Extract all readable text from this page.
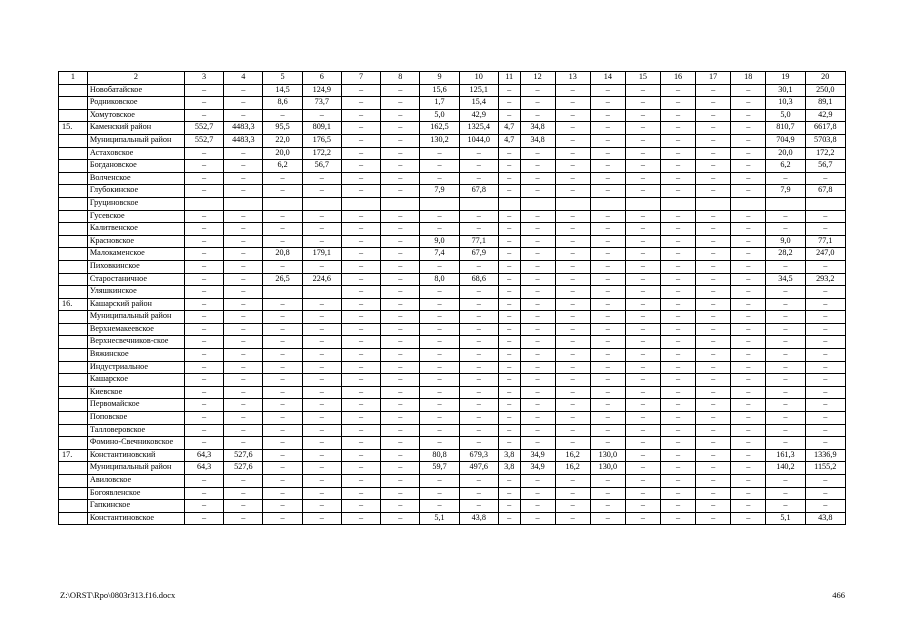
1	2	3	4	5	6	7	8	9	10	11	12	13	14	15	16	17	18	19	20
	Новобатайское	–	–	14,5	124,9	–	–	15,6	125,1	–	–	–	–	–	–	–	–	30,1	250,0
	Родниковское	–	–	8,6	73,7	–	–	1,7	15,4	–	–	–	–	–	–	–	–	10,3	89,1
	Хомутовское	–	–	–	–	–	–	5,0	42,9	–	–	–	–	–	–	–	–	5,0	42,9
15.	Каменский район	552,7	4483,3	95,5	809,1	–	–	162,5	1325,4	4,7	34,8	–	–	–	–	–	–	810,7	6617,8
	Муниципальный район	552,7	4483,3	22,0	176,5	–	–	130,2	1044,0	4,7	34,8	–	–	–	–	–	–	704,9	5703,8
	Астаховское	–	–	20,0	172,2	–	–	–	–	–	–	–	–	–	–	–	–	20,0	172,2
	Богдановское	–	–	6,2	56,7	–	–	–	–	–	–	–	–	–	–	–	–	6,2	56,7
	Волченское	–	–	–	–	–	–	–	–	–	–	–	–	–	–	–	–	–	–
	Глубокинское	–	–	–	–	–	–	7,9	67,8	–	–	–	–	–	–	–	–	7,9	67,8
	Груциновское																		
	Гусевское	–	–	–	–	–	–	–	–	–	–	–	–	–	–	–	–	–	–
	Калитвенское	–	–	–	–	–	–	–	–	–	–	–	–	–	–	–	–	–	–
	Красновское	–	–	–	–	–	–	9,0	77,1	–	–	–	–	–	–	–	–	9,0	77,1
	Малокаменское	–	–	20,8	179,1	–	–	7,4	67,9	–	–	–	–	–	–	–	–	28,2	247,0
	Пиховкинское	–	–	–	–	–	–	–	–	–	–	–	–	–	–	–	–	–	–
	Старостаничное	–	–	26,5	224,6	–	–	8,0	68,6	–	–	–	–	–	–	–	–	34,5	293,2
	Уляшкинское	–	–			–	–	–	–	–	–	–	–	–	–	–	–	–	–
16.	Кашарский район	–	–	–	–	–	–	–	–	–	–	–	–	–	–	–	–	–	–
	Муниципальный район	–	–	–	–	–	–	–	–	–	–	–	–	–	–	–	–	–	–
	Верхнемакеевское	–	–	–	–	–	–	–	–	–	–	–	–	–	–	–	–	–	–
	Верхнесвечников-ское	–	–	–	–	–	–	–	–	–	–	–	–	–	–	–	–	–	–
	Вяжинское	–	–	–	–	–	–	–	–	–	–	–	–	–	–	–	–	–	–
	Индустриальное	–	–	–	–	–	–	–	–	–	–	–	–	–	–	–	–	–	–
	Кашарское	–	–	–	–	–	–	–	–	–	–	–	–	–	–	–	–	–	–
	Киевское	–	–	–	–	–	–	–	–	–	–	–	–	–	–	–	–	–	–
	Первомайское	–	–	–	–	–	–	–	–	–	–	–	–	–	–	–	–	–	–
	Поповское	–	–	–	–	–	–	–	–	–	–	–	–	–	–	–	–	–	–
	Талловеровское	–	–	–	–	–	–	–	–	–	–	–	–	–	–	–	–	–	–
	Фомино-Свечниковское	–	–	–	–	–	–	–	–	–	–	–	–	–	–	–	–	–	–
17.	Константиновский	64,3	527,6	–	–	–	–	80,8	679,3	3,8	34,9	16,2	130,0	–	–	–	–	161,3	1336,9
	Муниципальный район	64,3	527,6	–	–	–	–	59,7	497,6	3,8	34,9	16,2	130,0	–	–	–	–	140,2	1155,2
	Авиловское	–	–	–	–	–	–	–	–	–	–	–	–	–	–	–	–	–	–
	Богоявленское	–	–	–	–	–	–	–	–	–	–	–	–	–	–	–	–	–	–
	Гапкинское	–	–	–	–	–	–	–	–	–	–	–	–	–	–	–	–	–	–
	Константиновское	–	–	–	–	–	–	5,1	43,8	–	–	–	–	–	–	–	–	5,1	43,8
Z:\ORST\Rpo\0803r313.f16.docx	466
